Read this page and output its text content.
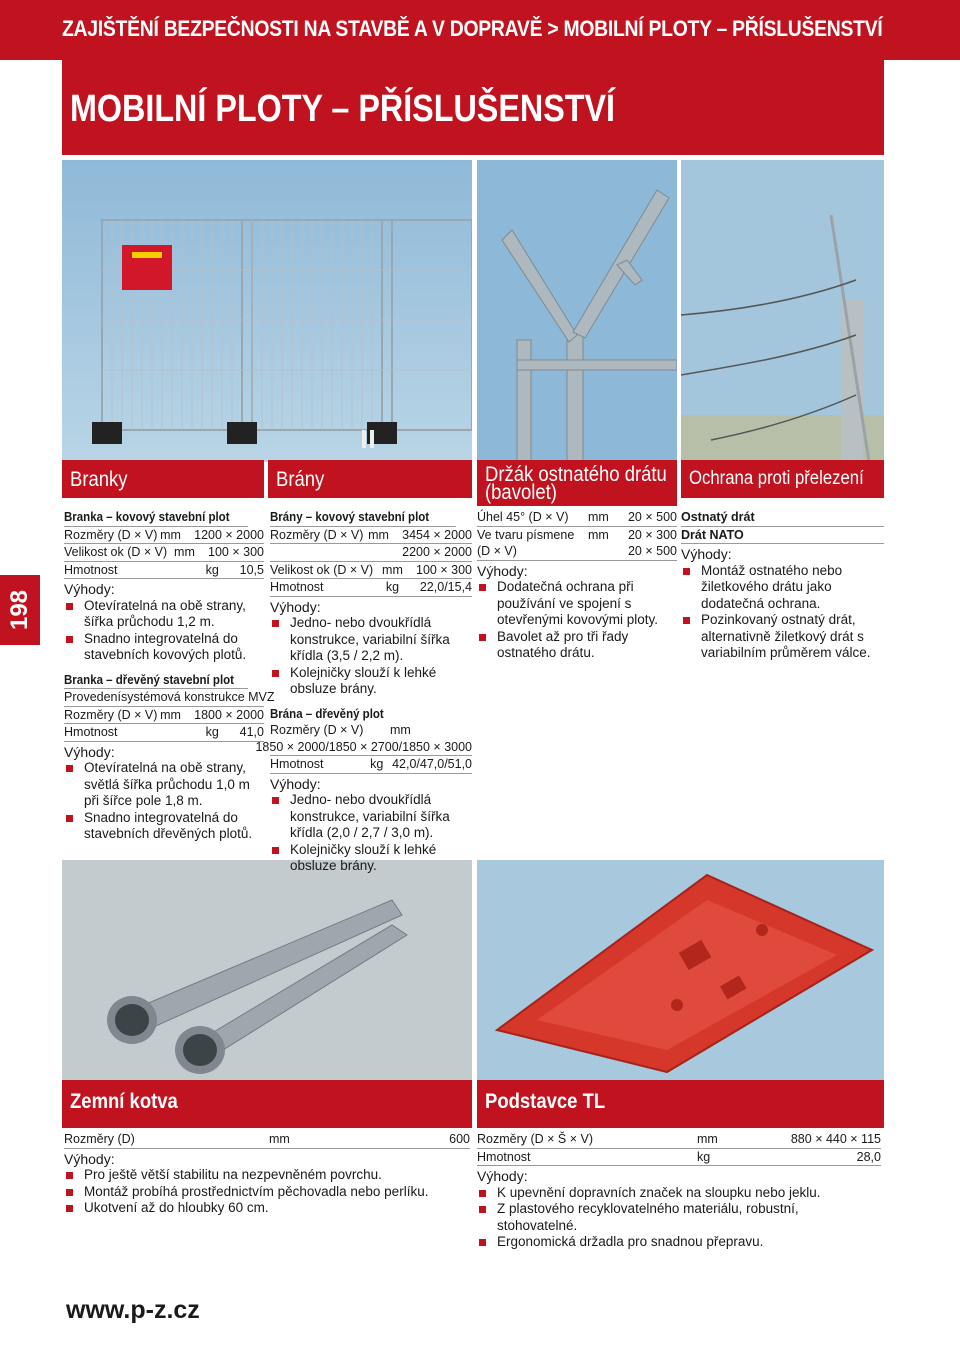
ZAJIŠTĚNÍ BEZPEČNOSTI NA STAVBĚ A V DOPRAVĚ > MOBILNÍ PLOTY – PŘÍSLUŠENSTVÍ
MOBILNÍ PLOTY – PŘÍSLUŠENSTVÍ
198
Branky	Brány	Držák ostnatého drátu (bavolet)
Ochrana proti přelezení
Zemní kotva	Podstavce TL
Branka – kovový stavební plot
Rozměry (D × V) mm	1200 × 2000
Velikost ok (D × V) mm	100 × 300
Hmotnost	kg	10,5
Výhody:
Otevíratelná na obě strany, šířka průchodu 1,2 m.
Snadno integrovatelná do stavebních kovových plotů.
Branka – dřevěný stavební plot
Provedení systémová konstrukce MVZ
Rozměry (D × V) mm	1800 × 2000
Hmotnost	kg	41,0
Výhody:
Otevíratelná na obě strany, světlá šířka průchodu 1,0 m při šířce pole 1,8 m.
Snadno integrovatelná do stavebních dřevěných plotů.
Brány – kovový stavební plot
Rozměry (D × V) mm	3454 × 2000
2200 × 2000
Velikost ok (D × V) mm	100 × 300
Hmotnost	kg	22,0/15,4
Výhody:
Jedno- nebo dvoukřídlá konstrukce, variabilní šířka křídla (3,5 / 2,2 m).
Kolejničky slouží k lehké obsluze brány.
Brána – dřevěný plot
Rozměry (D × V)	mm
1850 × 2000/1850 × 2700/1850 × 3000
Hmotnost	kg 42,0/47,0/51,0
Výhody:
Jedno- nebo dvoukřídlá konstrukce, variabilní šířka křídla (2,0 / 2,7 / 3,0 m).
Kolejničky slouží k lehké obsluze brány.
Úhel 45° (D × V)	mm	20 × 500
Ve tvaru písmene	mm	20 × 300
(D × V)	20 × 500
Výhody:
Dodatečná ochrana při používání ve spojení s otevřenými kovovými ploty.
Bavolet až pro tři řady ostnatého drátu.
Ostnatý drát
Drát NATO
Výhody:
Montáž ostnatého nebo žiletkového drátu jako dodatečná ochrana.
Pozinkovaný ostnatý drát, alternativně žiletkový drát s variabilním průměrem válce.
Rozměry (D)	mm	600
Výhody:
Pro ještě větší stabilitu na nezpevněném povrchu.
Montáž probíhá prostřednictvím pěchovadla nebo perlíku.
Ukotvení až do hloubky 60 cm.
Rozměry (D × Š × V)	mm	880 × 440 × 115
Hmotnost	kg	28,0
Výhody:
K upevnění dopravních značek na sloupku nebo jeklu.
Z plastového recyklovatelného materiálu, robustní, stohovatelné.
Ergonomická držadla pro snadnou přepravu.
www.p-z.cz
